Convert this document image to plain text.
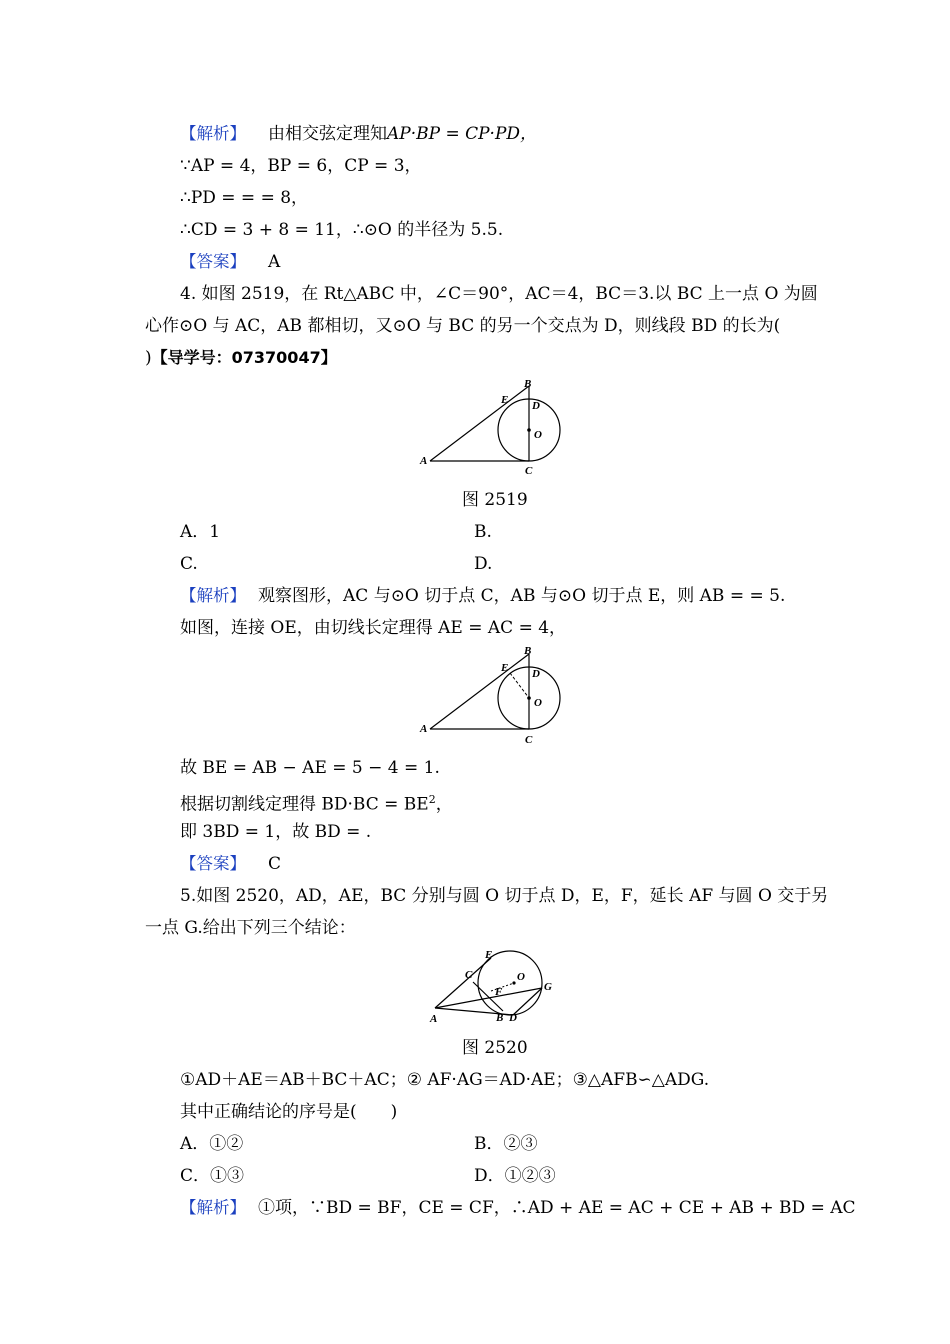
【解析】 由相交弦定理知AP·BP = CP·PD，
∵AP = 4，BP = 6，CP = 3，
∴PD = = = 8，
∴CD = 3 + 8 = 11，∴⊙O 的半径为 5.5.
【答案】 A
4. 如图 2519，在 Rt△ABC 中，∠C＝90°，AC＝4，BC＝3.以 BC 上一点 O 为圆
心作⊙O 与 AC，AB 都相切，又⊙O 与 BC 的另一个交点为 D，则线段 BD 的长为(
)【导学号：07370047】
A
B
C
D
E
O
图 2519
A．1	B.
C.	D.
【解析】 观察图形，AC 与⊙O 切于点 C，AB 与⊙O 切于点 E，则 AB = = 5.
如图，连接 OE，由切线长定理得 AE = AC = 4，
A
B
C
D
E
O
故 BE = AB − AE = 5 − 4 = 1.
根据切割线定理得 $BD\cdot BC = BE^2$，
即 3BD = 1，故 BD = .
【答案】 C
5.如图 2520，AD，AE，BC 分别与圆 O 切于点 D，E，F，延长 AF 与圆 O 交于另
一点 G.给出下列三个结论：
A	B D
C
E
F
O
G
图 2520
①AD＋AE＝AB＋BC＋AC；② AF·AG＝AD·AE；③△AFB∽△ADG.
其中正确结论的序号是(　　)
A．①②	B．②③
C．①③	D．①②③
【解析】 ①项，∵BD = BF，CE = CF，∴AD + AE = AC + CE + AB + BD = AC
